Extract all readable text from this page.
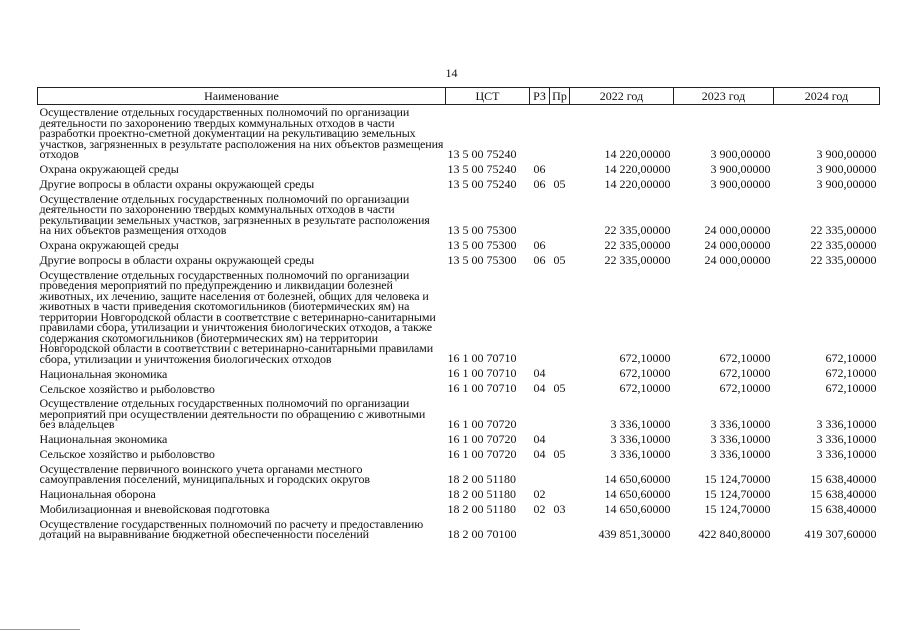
14
Наименование	ЦСТ	РЗ	Пр	2022 год	2023 год	2024 год
Осуществление отдельных государственных полномочий по организации деятельности по захоронению твердых коммунальных отходов в части разработки проектно-сметной документации на рекультивацию земельных участков, загрязненных в результате расположения на них объектов размещения отходов	13 5 00 75240			14 220,00000	3 900,00000	3 900,00000
Охрана окружающей среды	13 5 00 75240	06		14 220,00000	3 900,00000	3 900,00000
Другие вопросы в области охраны окружающей среды	13 5 00 75240	06	05	14 220,00000	3 900,00000	3 900,00000
Осуществление отдельных государственных полномочий по организации деятельности по захоронению твердых коммунальных отходов в части рекультивации земельных участков, загрязненных в результате расположения на них объектов размещения отходов	13 5 00 75300			22 335,00000	24 000,00000	22 335,00000
Охрана окружающей среды	13 5 00 75300	06		22 335,00000	24 000,00000	22 335,00000
Другие вопросы в области охраны окружающей среды	13 5 00 75300	06	05	22 335,00000	24 000,00000	22 335,00000
Осуществление отдельных государственных полномочий по организации проведения мероприятий по предупреждению и ликвидации болезней животных, их лечению, защите населения от болезней, общих для человека и животных в части приведения скотомогильников (биотермических ям) на территории Новгородской области в соответствие с ветеринарно-санитарными правилами сбора, утилизации и уничтожения биологических отходов, а также содержания скотомогильников (биотермических ям) на территории Новгородской области в соответствии с ветеринарно-санитарными правилами сбора, утилизации и уничтожения биологических отходов	16 1 00 70710			672,10000	672,10000	672,10000
Национальная экономика	16 1 00 70710	04		672,10000	672,10000	672,10000
Сельское хозяйство и рыболовство	16 1 00 70710	04	05	672,10000	672,10000	672,10000
Осуществление отдельных государственных полномочий по организации мероприятий при осуществлении деятельности по обращению с животными без владельцев	16 1 00 70720			3 336,10000	3 336,10000	3 336,10000
Национальная экономика	16 1 00 70720	04		3 336,10000	3 336,10000	3 336,10000
Сельское хозяйство и рыболовство	16 1 00 70720	04	05	3 336,10000	3 336,10000	3 336,10000
Осуществление первичного воинского учета органами местного самоуправления поселений, муниципальных и городских округов	18 2 00 51180			14 650,60000	15 124,70000	15 638,40000
Национальная оборона	18 2 00 51180	02		14 650,60000	15 124,70000	15 638,40000
Мобилизационная и вневойсковая подготовка	18 2 00 51180	02	03	14 650,60000	15 124,70000	15 638,40000
Осуществление государственных полномочий по расчету и предоставлению дотаций на выравнивание бюджетной обеспеченности поселений	18 2 00 70100			439 851,30000	422 840,80000	419 307,60000
